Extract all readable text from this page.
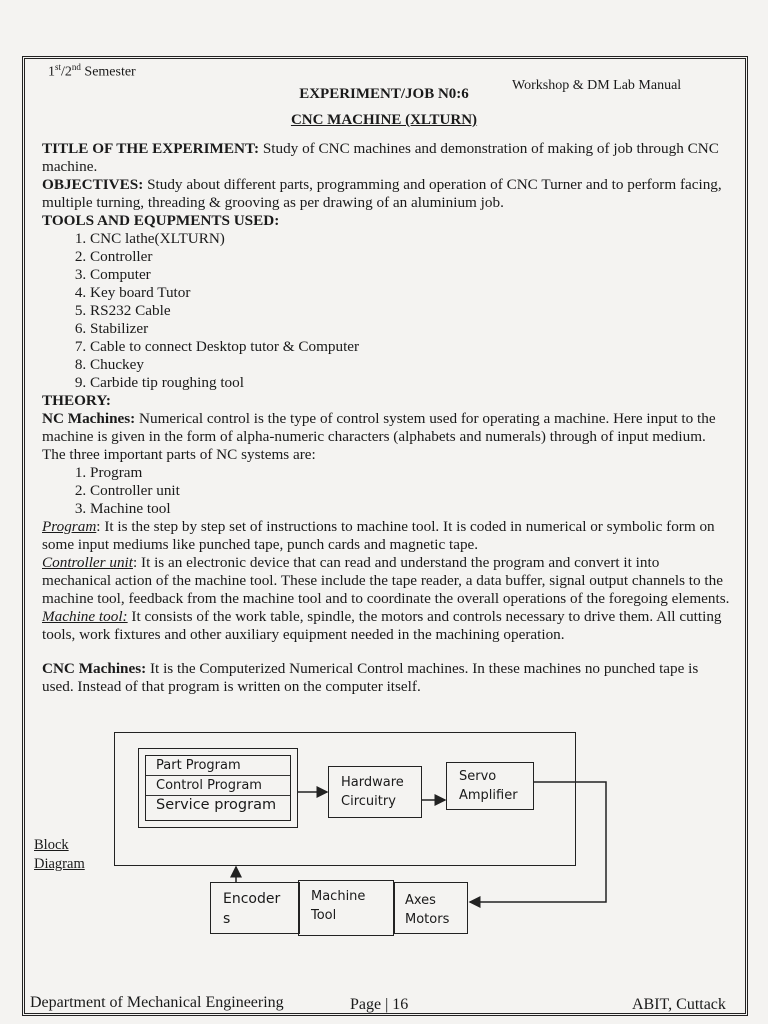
1st/2nd Semester
Workshop & DM Lab Manual
EXPERIMENT/JOB N0:6
CNC MACHINE (XLTURN)

TITLE OF THE EXPERIMENT: Study of CNC machines and demonstration of making of job through CNC machine.

OBJECTIVES: Study about different parts, programming and operation of CNC Turner and to perform facing, multiple turning, threading & grooving as per drawing of an aluminium job.

TOOLS AND EQUPMENTS USED:

1. CNC lathe(XLTURN)
2. Controller
3. Computer
4. Key board Tutor
5. RS232 Cable
6. Stabilizer
7. Cable to connect Desktop tutor & Computer
8. Chuckey
9. Carbide tip roughing tool

THEORY:

NC Machines: Numerical control is the type of control system used for operating a machine. Here input to the machine is given in the form of alpha-numeric characters (alphabets and numerals) through of input medium. The three important parts of NC systems are:

1. Program
2. Controller unit
3. Machine tool

Program: It is the step by step set of instructions to machine tool. It is coded in numerical or symbolic form on some input mediums like punched tape, punch cards and magnetic tape.

Controller unit: It is an electronic device that can read and understand the program and convert it into mechanical action of the machine tool. These include the tape reader, a data buffer, signal output channels to the machine tool, feedback from the machine tool and to coordinate the overall operations of the foregoing elements.

Machine tool: It consists of the work table, spindle, the motors and controls necessary to drive them. All cutting tools, work fixtures and other auxiliary equipment needed in the machining operation.

CNC Machines: It is the Computerized Numerical Control machines. In these machines no punched tape is used. Instead of that program is written on the computer itself.

Part Program
Control Program
Service program
Hardware
Circuitry
Servo
Amplifier
Encoder
s
Machine
Tool
Axes
Motors
Block Diagram
Department of Mechanical Engineering	Page | 16	ABIT, Cuttack
